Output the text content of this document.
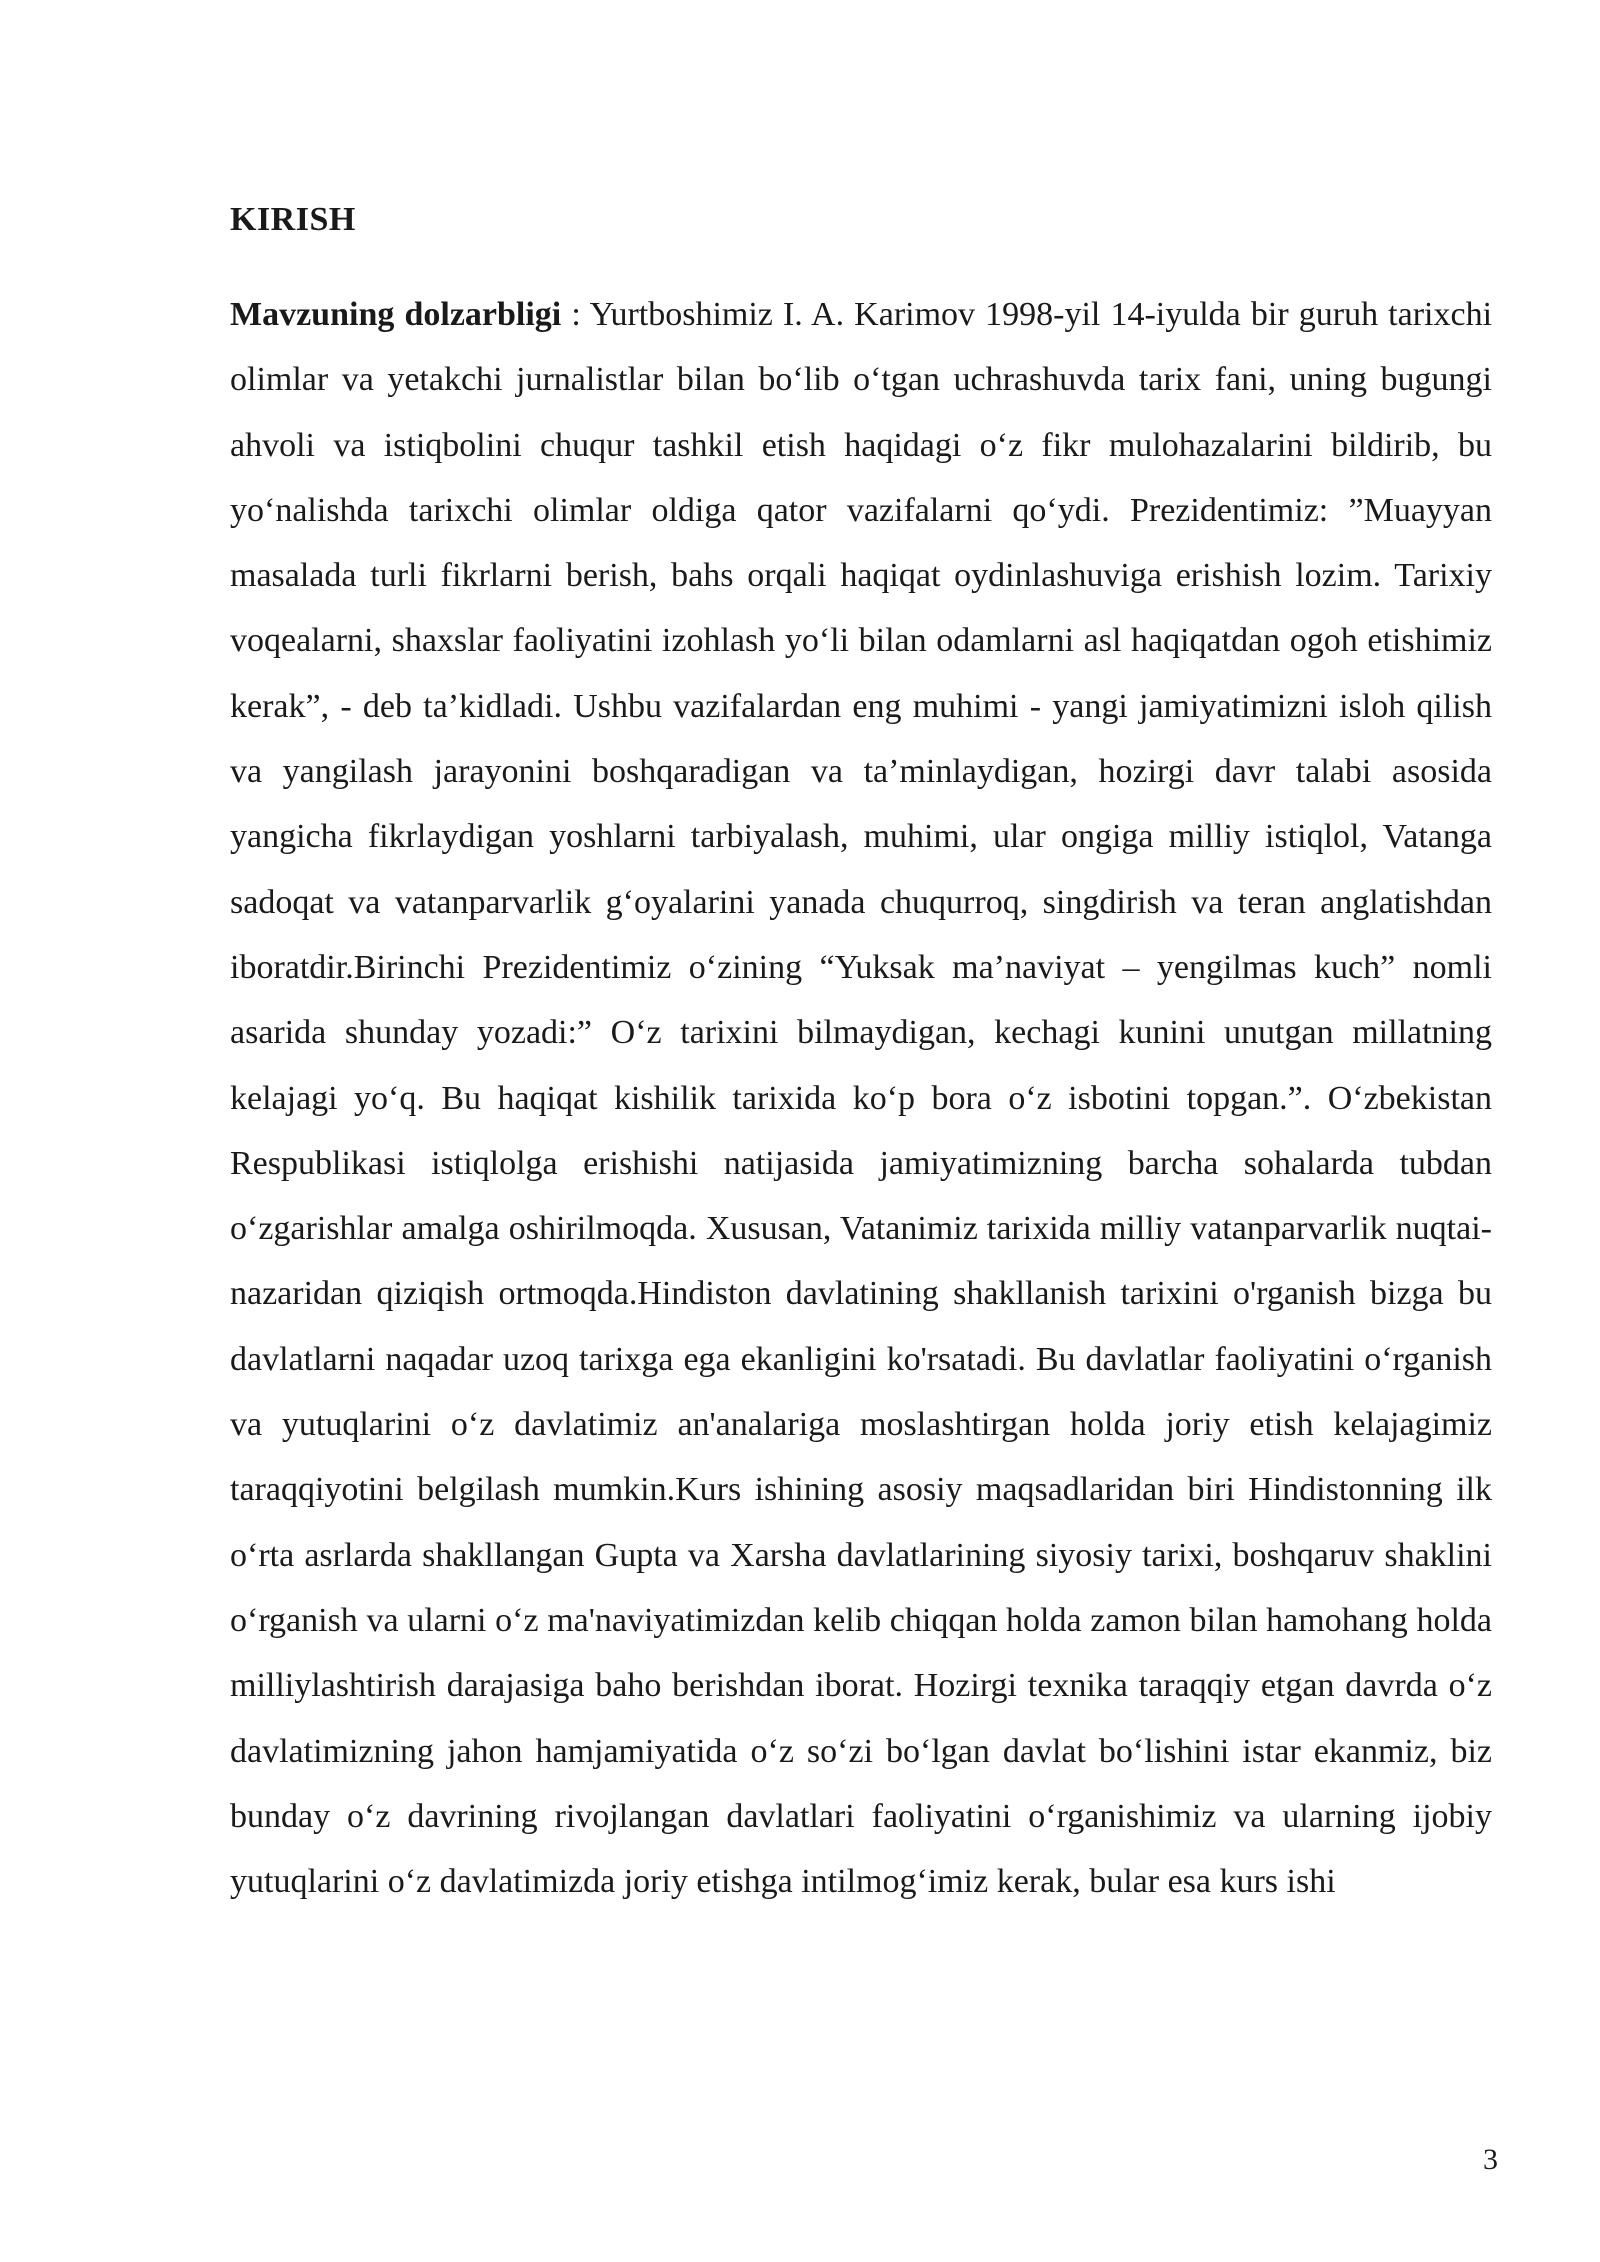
KIRISH

Mavzuning dolzarbligi : Yurtboshimiz I. A. Karimov 1998-yil 14-iyulda bir guruh tarixchi olimlar va yetakchi jurnalistlar bilan bo‘lib o‘tgan uchrashuvda tarix fani, uning bugungi ahvoli va istiqbolini chuqur tashkil etish haqidagi o‘z fikr mulohazalarini bildirib, bu yo‘nalishda tarixchi olimlar oldiga qator vazifalarni qo‘ydi. Prezidentimiz: ”Muayyan masalada turli fikrlarni berish, bahs orqali haqiqat oydinlashuviga erishish lozim. Tarixiy voqealarni, shaxslar faoliyatini izohlash yo‘li bilan odamlarni asl haqiqatdan ogoh etishimiz kerak”, - deb ta’kidladi. Ushbu vazifalardan eng muhimi - yangi jamiyatimizni isloh qilish va yangilash jarayonini boshqaradigan va ta’minlaydigan, hozirgi davr talabi asosida yangicha fikrlaydigan yoshlarni tarbiyalash, muhimi, ular ongiga milliy istiqlol, Vatanga sadoqat va vatanparvarlik g‘oyalarini yanada chuqurroq, singdirish va teran anglatishdan iboratdir.Birinchi Prezidentimiz o‘zining “Yuksak ma’naviyat – yengilmas kuch” nomli asarida shunday yozadi:” O‘z tarixini bilmaydigan, kechagi kunini unutgan millatning kelajagi yo‘q. Bu haqiqat kishilik tarixida ko‘p bora o‘z isbotini topgan.”. O‘zbekistan Respublikasi istiqlolga erishishi natijasida jamiyatimizning barcha sohalarda tubdan o‘zgarishlar amalga oshirilmoqda. Xususan, Vatanimiz tarixida milliy vatanparvarlik nuqtai-nazaridan qiziqish ortmoqda.Hindiston davlatining shakllanish tarixini o'rganish bizga bu davlatlarni naqadar uzoq tarixga ega ekanligini ko'rsatadi. Bu davlatlar faoliyatini o‘rganish va yutuqlarini o‘z davlatimiz an'analariga moslashtirgan holda joriy etish kelajagimiz taraqqiyotini belgilash mumkin.Kurs ishining asosiy maqsadlaridan biri Hindistonning ilk o‘rta asrlarda shakllangan Gupta va Xarsha davlatlarining siyosiy tarixi, boshqaruv shaklini o‘rganish va ularni o‘z ma'naviyatimizdan kelib chiqqan holda zamon bilan hamohang holda milliylashtirish darajasiga baho berishdan iborat. Hozirgi texnika taraqqiy etgan davrda o‘z davlatimizning jahon hamjamiyatida o‘z so‘zi bo‘lgan davlat bo‘lishini istar ekanmiz, biz bunday o‘z davrining rivojlangan davlatlari faoliyatini o‘rganishimiz va ularning ijobiy yutuqlarini o‘z davlatimizda joriy etishga intilmog‘imiz kerak, bular esa kurs ishi

3
